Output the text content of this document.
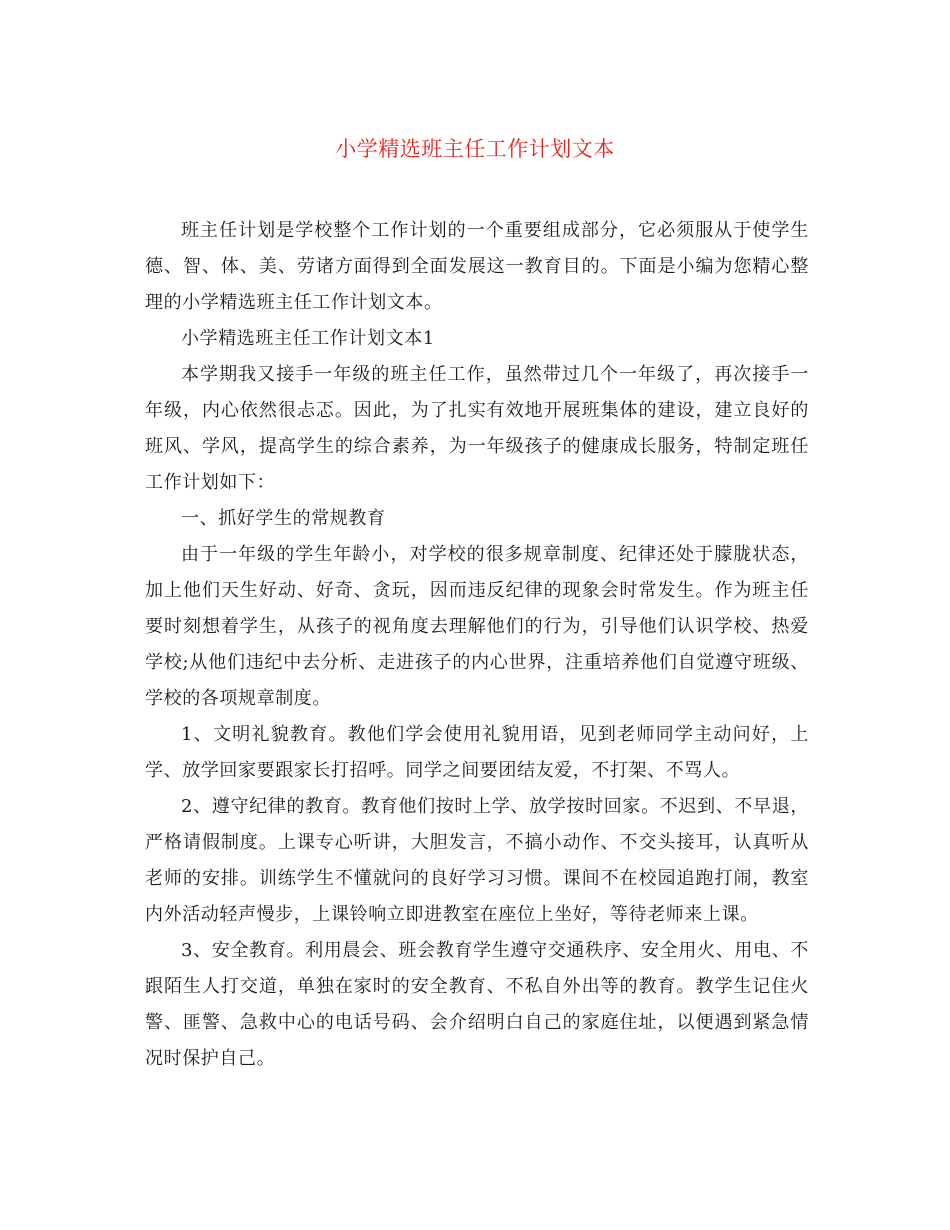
小学精选班主任工作计划文本

班主任计划是学校整个工作计划的一个重要组成部分，它必须服从于使学生德、智、体、美、劳诸方面得到全面发展这一教育目的。下面是小编为您精心整理的小学精选班主任工作计划文本。

小学精选班主任工作计划文本1

本学期我又接手一年级的班主任工作，虽然带过几个一年级了，再次接手一年级，内心依然很忐忑。因此，为了扎实有效地开展班集体的建设，建立良好的班风、学风，提高学生的综合素养，为一年级孩子的健康成长服务，特制定班任工作计划如下：

一、抓好学生的常规教育

由于一年级的学生年龄小，对学校的很多规章制度、纪律还处于朦胧状态，加上他们天生好动、好奇、贪玩，因而违反纪律的现象会时常发生。作为班主任要时刻想着学生，从孩子的视角度去理解他们的行为，引导他们认识学校、热爱学校;从他们违纪中去分析、走进孩子的内心世界，注重培养他们自觉遵守班级、学校的各项规章制度。

1、文明礼貌教育。教他们学会使用礼貌用语，见到老师同学主动问好，上学、放学回家要跟家长打招呼。同学之间要团结友爱，不打架、不骂人。

2、遵守纪律的教育。教育他们按时上学、放学按时回家。不迟到、不早退，严格请假制度。上课专心听讲，大胆发言，不搞小动作、不交头接耳，认真听从老师的安排。训练学生不懂就问的良好学习习惯。课间不在校园追跑打闹，教室内外活动轻声慢步，上课铃响立即进教室在座位上坐好，等待老师来上课。

3、安全教育。利用晨会、班会教育学生遵守交通秩序、安全用火、用电、不跟陌生人打交道，单独在家时的安全教育、不私自外出等的教育。教学生记住火警、匪警、急救中心的电话号码、会介绍明白自己的家庭住址，以便遇到紧急情况时保护自己。
